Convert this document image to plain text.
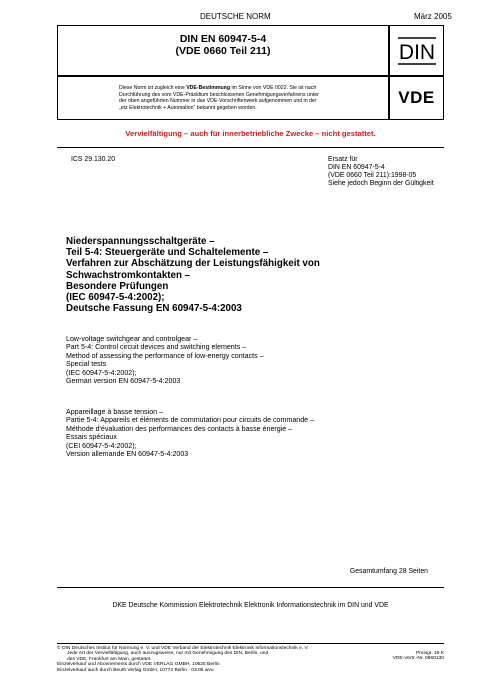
DEUTSCHE NORM	März 2005
DIN EN 60947-5-4
(VDE 0660 Teil 211)	DIN
Diese Norm ist zugleich eine VDE-Bestimmung im Sinne von VDE 0022. Sie ist nach
Durchführung des vom VDE-Präsidium beschlossenen Genehmigungsverfahrens unter
der oben angeführten Nummer in das VDE-Vorschriftenwerk aufgenommen und in der
„etz Elektrotechnik + Automation“ bekannt gegeben worden.
VDE
Vervielfältigung – auch für innerbetriebliche Zwecke – nicht gestattet.
ICS 29.130.20	Ersatz für
DIN EN 60947-5-4
(VDE 0660 Teil 211):1998-05
Siehe jedoch Beginn der Gültigkeit
Niederspannungsschaltgeräte –
Teil 5-4: Steuergeräte und Schaltelemente –
Verfahren zur Abschätzung der Leistungsfähigkeit von
Schwachstromkontakten –
Besondere Prüfungen
(IEC 60947-5-4:2002);
Deutsche Fassung EN 60947-5-4:2003
Low-voltage switchgear and controlgear –
Part 5-4: Control circuit devices and switching elements –
Method of assessing the performance of low-energy contacts –
Special tests
(IEC 60947-5-4:2002);
German version EN 60947-5-4:2003
Appareillage à basse tension –
Partie 5-4: Appareils et éléments de commutation pour circuits de commande –
Méthode d'évaluation des performances des contacts à basse énergie –
Essais spéciaux
(CEI 60947-5-4:2002);
Version allemande EN 60947-5-4:2003
Gesamtumfang 28 Seiten
DKE Deutsche Kommission Elektrotechnik Elektronik Informationstechnik im DIN und VDE
© DIN Deutsches Institut für Normung e. V. und VDE Verband der Elektrotechnik Elektronik Informationstechnik e. V.
Jede Art der Vervielfältigung, auch auszugsweise, nur mit Genehmigung des DIN, Berlin, und
des VDE, Frankfurt am Main, gestattet.
Einzelverkauf und Abonnements durch VDE VERLAG GMBH, 10625 Berlin
Einzelverkauf auch durch Beuth Verlag GmbH, 10772 Berlin · 03.05 wvu
Preisgr. 19 K
VDE-Vertr.-Nr. 0660130
